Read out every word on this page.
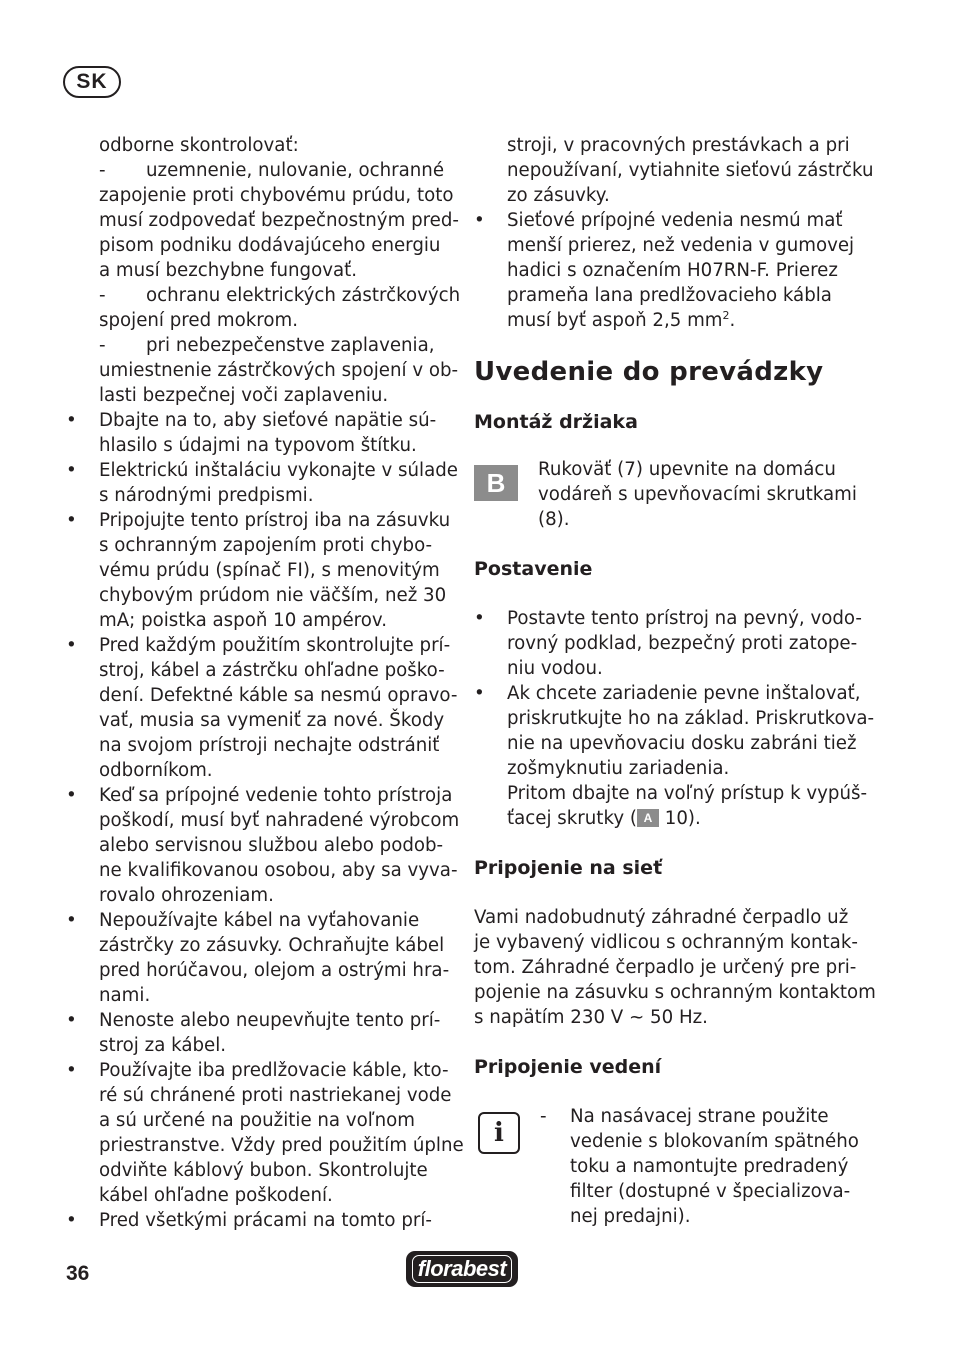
SK
odborne skontrolovať:
-	uzemnenie, nulovanie, ochranné
zapojenie proti chybovému prúdu, toto
musí zodpovedať bezpečnostným pred-
pisom podniku dodávajúceho energiu
a musí bezchybne fungovať.
-	ochranu elektrických zástrčkových
spojení pred mokrom.
-	pri nebezpečenstve zaplavenia,
umiestnenie zástrčkových spojení v ob-
lasti bezpečnej voči zaplaveniu.
• Dbajte na to, aby sieťové napätie sú-
hlasilo s údajmi na typovom štítku.
• Elektrickú inštaláciu vykonajte v súlade
s národnými predpismi.
• Pripojujte tento prístroj iba na zásuvku
s ochranným zapojením proti chybo-
vému prúdu (spínač FI), s menovitým
chybovým prúdom nie väčším, než 30
mA; poistka aspoň 10 ampérov.
• Pred každým použitím skontrolujte prí-
stroj, kábel a zástrčku ohľadne poško-
dení. Defektné káble sa nesmú opravo-
vať, musia sa vymeniť za nové. Škody
na svojom prístroji nechajte odstrániť
odborníkom.
• Keď sa prípojné vedenie tohto prístroja
poškodí, musí byť nahradené výrobcom
alebo servisnou službou alebo podob-
ne kvalifikovanou osobou, aby sa vyva-
rovalo ohrozeniam.
• Nepoužívajte kábel na vyťahovanie
zástrčky zo zásuvky. Ochraňujte kábel
pred horúčavou, olejom a ostrými hra-
nami.
• Nenoste alebo neupevňujte tento prí-
stroj za kábel.
• Používajte iba predlžovacie káble, kto-
ré sú chránené proti nastriekanej vode
a sú určené na použitie na voľnom
priestranstve. Vždy pred použitím úplne
odviňte káblový bubon. Skontrolujte
kábel ohľadne poškodení.
• Pred všetkými prácami na tomto prí-
stroji, v pracovných prestávkach a pri
nepoužívaní, vytiahnite sieťovú zástrčku
zo zásuvky.
• Sieťové prípojné vedenia nesmú mať
menší prierez, než vedenia v gumovej
hadici s označením H07RN-F. Prierez
prameňa lana predlžovacieho kábla
musí byť aspoň 2,5 $mm^2$.
Uvedenie do prevádzky
Montáž držiaka
B	Rukoväť (7) upevnite na domácu
vodáreň s upevňovacími skrutkami
(8).
Postavenie
• Postavte tento prístroj na pevný, vodo-
rovný podklad, bezpečný proti zatope-
niu vodou.
• Ak chcete zariadenie pevne inštalovať,
priskrutkujte ho na základ. Priskrutkova-
nie na upevňovaciu dosku zabráni tiež
zošmyknutiu zariadenia.
Pritom dbajte na voľný prístup k vypúš-
ťacej skrutky ( A 10).
Pripojenie na sieť
Vami nadobudnutý záhradné čerpadlo už
je vybavený vidlicou s ochranným kontak-
tom. Záhradné čerpadlo je určený pre pri-
pojenie na zásuvku s ochranným kontaktom
s napätím 230 V ~ 50 Hz.
Pripojenie vedení
i
-	Na nasávacej strane použite
vedenie s blokovaním spätného
toku a namontujte predradený
filter (dostupné v špecializova-
nej predajni).
36	florabest
